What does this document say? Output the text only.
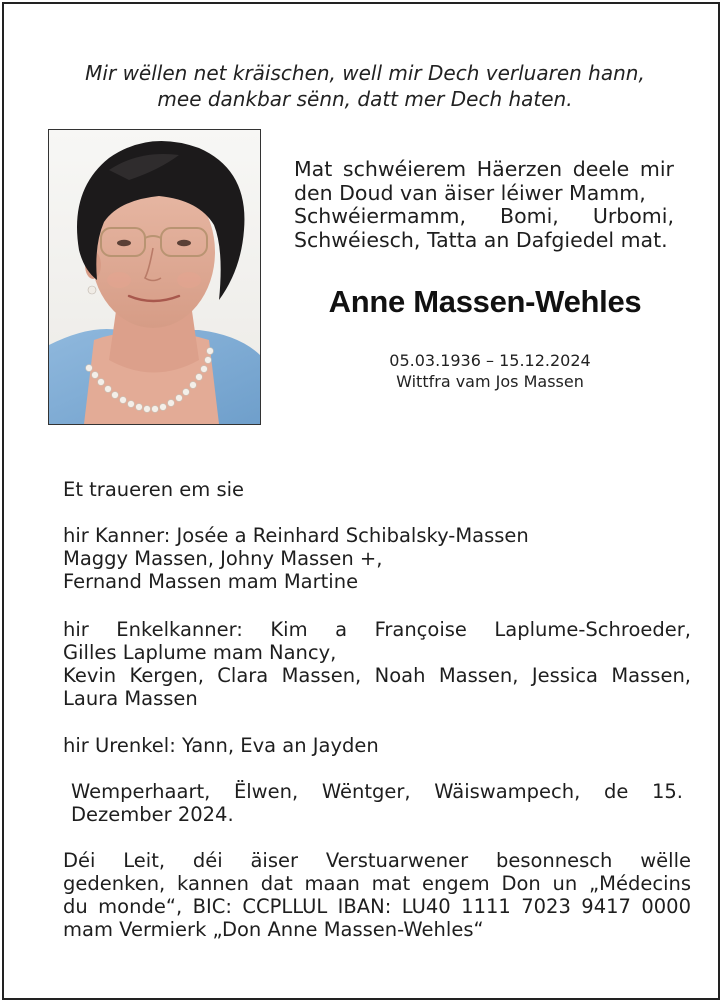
Mir wëllen net kräischen, well mir Dech verluaren hann,
mee dankbar sënn, datt mer Dech haten.
Mat schwéierem Häerzen deele mir
den Doud van äiser léiwer Mamm,
Schwéiermamm, Bomi, Urbomi,
Schwéiesch, Tatta an Dafgiedel mat.
Anne Massen-Wehles
05.03.1936 – 15.12.2024
Wittfra vam Jos Massen
Et traueren em sie
hir Kanner: Josée a Reinhard Schibalsky-Massen
Maggy Massen, Johny Massen +,
Fernand Massen mam Martine
hir Enkelkanner: Kim a Françoise Laplume-Schroeder,
Gilles Laplume mam Nancy,
Kevin Kergen, Clara Massen, Noah Massen, Jessica Massen,
Laura Massen
hir Urenkel: Yann, Eva an Jayden
Wemperhaart, Ëlwen, Wëntger, Wäiswampech, de 15.
Dezember 2024.
Déi Leit, déi äiser Verstuarwener besonnesch wëlle
gedenken, kannen dat maan mat engem Don un „Médecins
du monde“, BIC: CCPLLUL IBAN: LU40 1111 7023 9417 0000
mam Vermierk „Don Anne Massen-Wehles“
